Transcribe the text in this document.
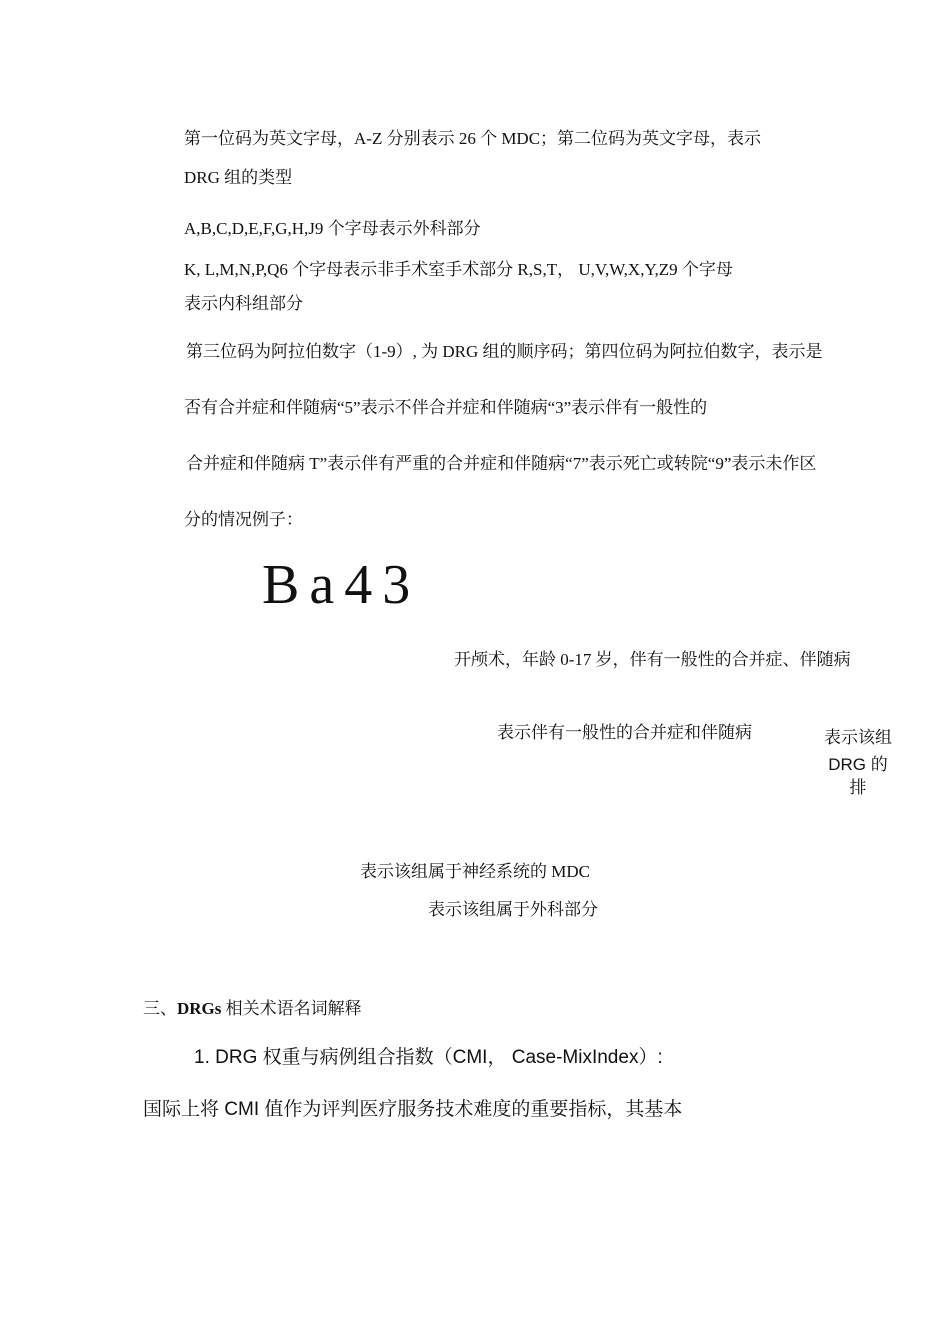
第一位码为英文字母，A-Z 分别表示 26 个 MDC；第二位码为英文字母，表示

DRG 组的类型

A,B,C,D,E,F,G,H,J9 个字母表示外科部分

K, L,M,N,P,Q6 个字母表示非手术室手术部分 R,S,T， U,V,W,X,Y,Z9 个字母

表示内科组部分

第三位码为阿拉伯数字（1-9）, 为 DRG 组的顺序码；第四位码为阿拉伯数字，表示是

否有合并症和伴随病“5”表示不伴合并症和伴随病“3”表示伴有一般性的

合并症和伴随病 T”表示伴有严重的合并症和伴随病“7”表示死亡或转院“9”表示未作区

分的情况例子：

Ba43

开颅术，年龄 0-17 岁，伴有一般性的合并症、伴随病

表示伴有一般性的合并症和伴随病	表示该组
DRG 的
排

表示该组属于神经系统的 MDC

表示该组属于外科部分

三、DRGs 相关术语名词解释

1. DRG 权重与病例组合指数（CMI， Case-MixIndex）:

国际上将 CMI 值作为评判医疗服务技术难度的重要指标，其基本
